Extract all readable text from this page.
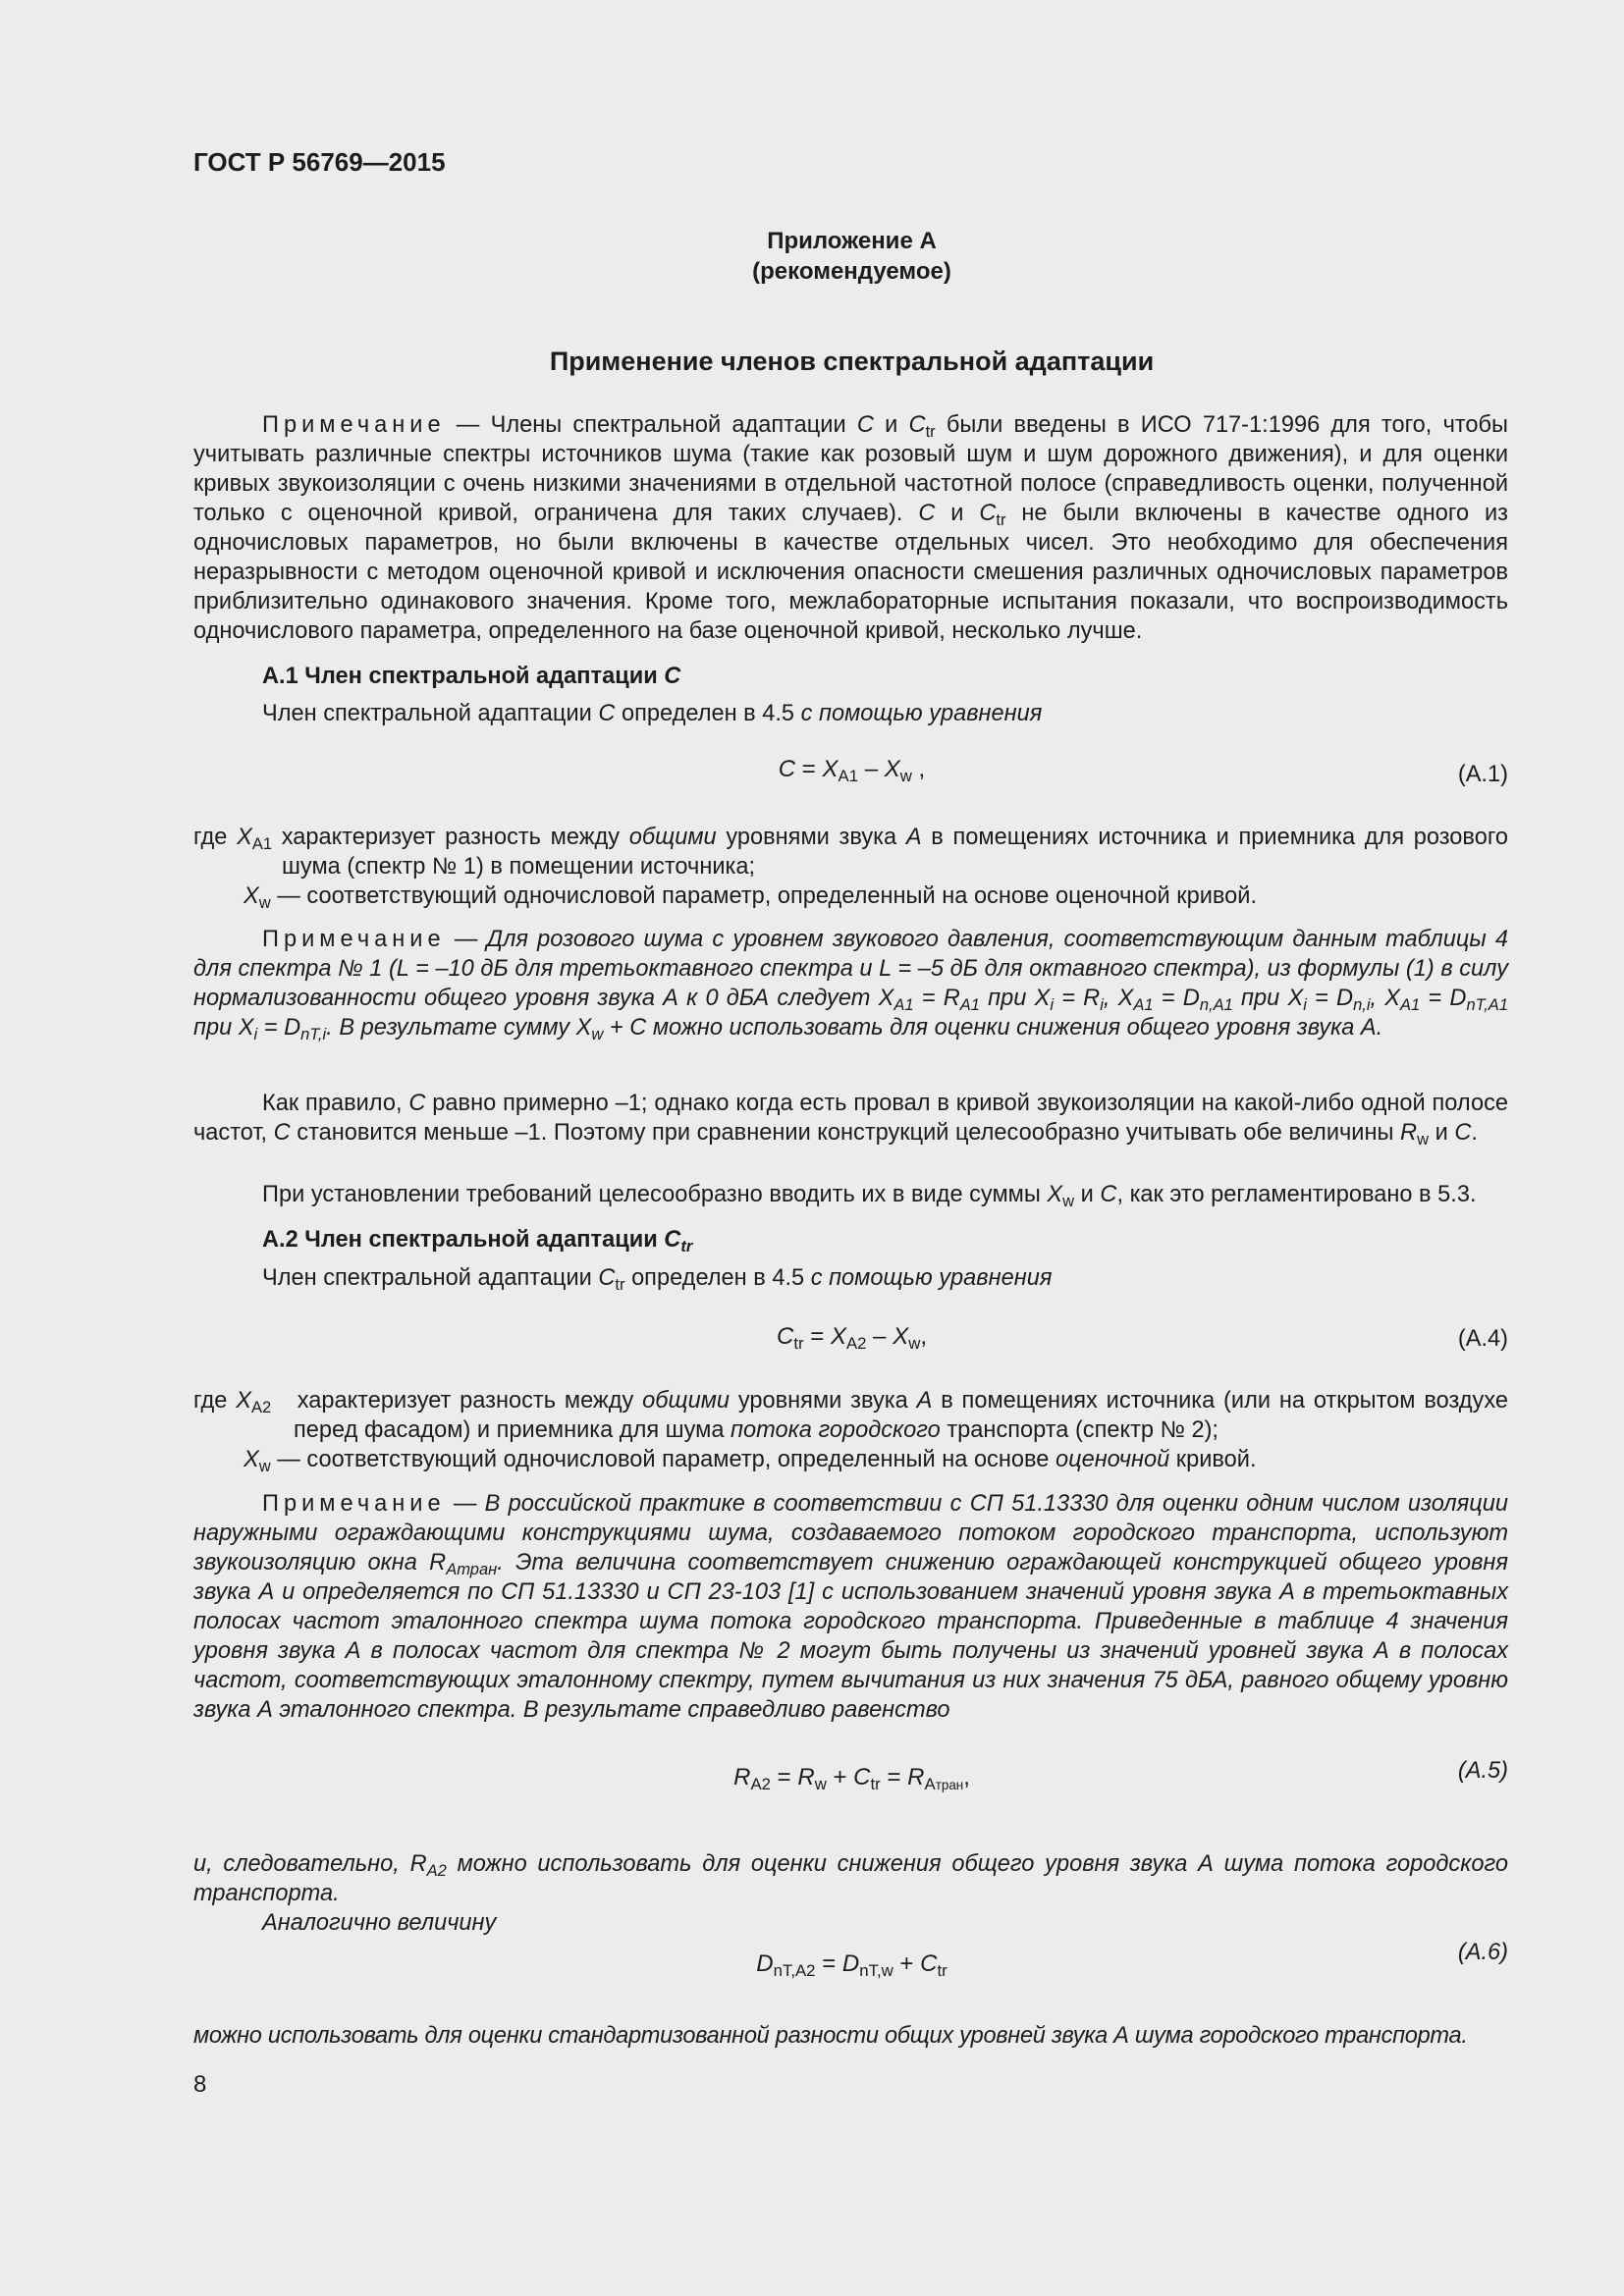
ГОСТ Р 56769—2015
Приложение А
(рекомендуемое)
Применение членов спектральной адаптации
Примечание — Члены спектральной адаптации C и $C_{tr}$ были введены в ИСО 717-1:1996 для того, чтобы учитывать различные спектры источников шума (такие как розовый шум и шум дорожного движения), и для оценки кривых звукоизоляции с очень низкими значениями в отдельной частотной полосе (справедливость оценки, полученной только с оценочной кривой, ограничена для таких случаев). C и $C_{tr}$ не были включены в качестве одного из одночисловых параметров, но были включены в качестве отдельных чисел. Это необходимо для обеспечения неразрывности с методом оценочной кривой и исключения опасности смешения различных одночисловых параметров приблизительно одинакового значения. Кроме того, межлабораторные испытания показали, что воспроизводимость одночислового параметра, определенного на базе оценочной кривой, несколько лучше.
А.1 Член спектральной адаптации C
Член спектральной адаптации C определен в 4.5 с помощью уравнения
$C = X_{A1} - X_w$ ,	(А.1)
где $X_{A1}$ характеризует разность между общими уровнями звука A в помещениях источника и приемника для розового шума (спектр № 1) в помещении источника;
$X_w$ — соответствующий одночисловой параметр, определенный на основе оценочной кривой.
Примечание — Для розового шума с уровнем звукового давления, соответствующим данным таблицы 4 для спектра № 1 (L = –10 дБ для третьоктавного спектра и L = –5 дБ для октавного спектра), из формулы (1) в силу нормализованности общего уровня звука А к 0 дБА следует $X_{A1} = R_{A1}$ при $X_i = R_i$, $X_{A1} = D_{n,A1}$ при $X_i = D_{n,i}$, $X_{A1} = D_{nT,A1}$ при $X_i = D_{nT,i}$. В результате сумму $X_w + C$ можно использовать для оценки снижения общего уровня звука А.
Как правило, C равно примерно –1; однако когда есть провал в кривой звукоизоляции на какой-либо одной полосе частот, C становится меньше –1. Поэтому при сравнении конструкций целесообразно учитывать обе величины $R_w$ и C.
При установлении требований целесообразно вводить их в виде суммы $X_w$ и C, как это регламентировано в 5.3.
А.2 Член спектральной адаптации $C_{tr}$
Член спектральной адаптации $C_{tr}$ определен в 4.5 с помощью уравнения
$C_{tr} = X_{A2} - X_w$,	(А.4)
где $X_{A2}$ характеризует разность между общими уровнями звука A в помещениях источника (или на открытом воздухе перед фасадом) и приемника для шума потока городского транспорта (спектр № 2);
$X_w$ — соответствующий одночисловой параметр, определенный на основе оценочной кривой.
Примечание — В российской практике в соответствии с СП 51.13330 для оценки одним числом изоляции наружными ограждающими конструкциями шума, создаваемого потоком городского транспорта, используют звукоизоляцию окна $R_{Атран}$. Эта величина соответствует снижению ограждающей конструкцией общего уровня звука А и определяется по СП 51.13330 и СП 23-103 [1] с использованием значений уровня звука А в третьоктавных полосах частот эталонного спектра шума потока городского транспорта. Приведенные в таблице 4 значения уровня звука А в полосах частот для спектра № 2 могут быть получены из значений уровней звука А в полосах частот, соответствующих эталонному спектру, путем вычитания из них значения 75 дБА, равного общему уровню звука А эталонного спектра. В результате справедливо равенство
$R_{A2} = R_w + C_{tr} = R_{Aтран}$,	(А.5)
и, следовательно, $R_{A2}$ можно использовать для оценки снижения общего уровня звука А шума потока городского транспорта.
Аналогично величину
$D_{nT,A2} = D_{nT,w} + C_{tr}$
(А.6)
можно использовать для оценки стандартизованной разности общих уровней звука А шума городского транспорта.
8
